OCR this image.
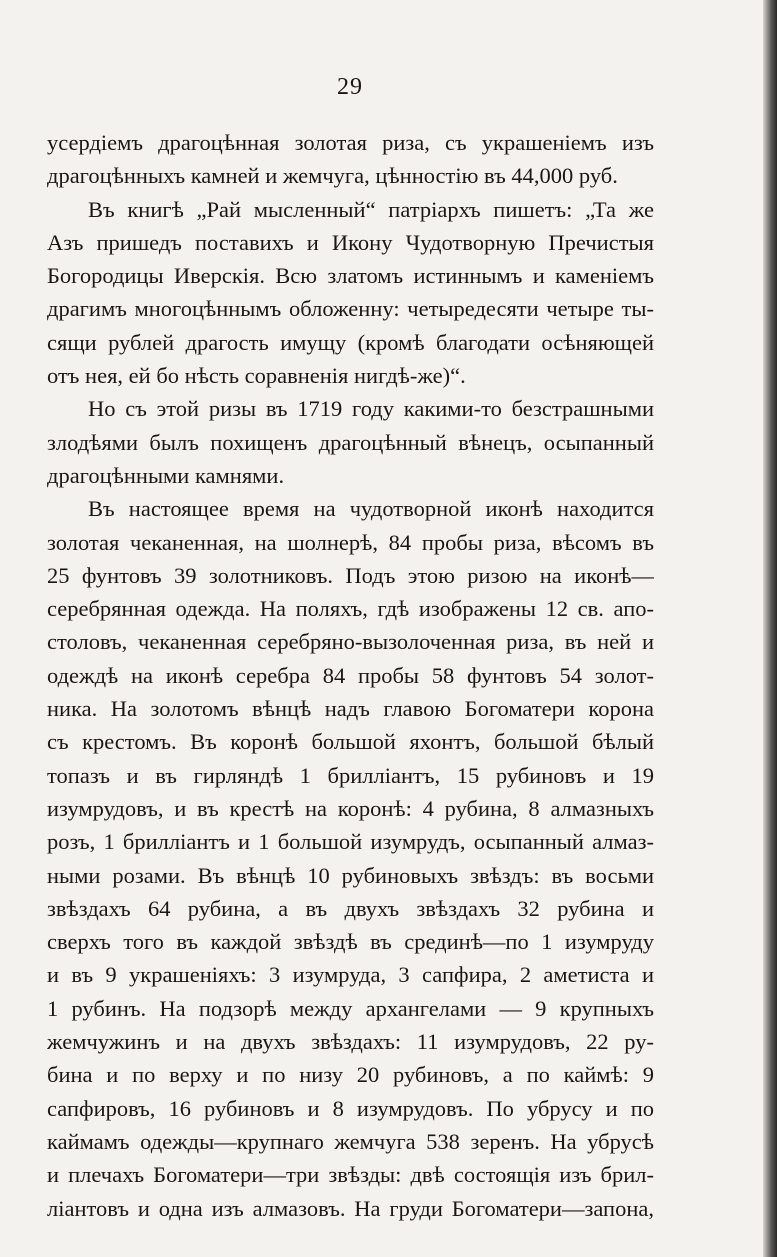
29
усердіемъ драгоцѣнная золотая риза, съ украшеніемъ изъ
драгоцѣнныхъ камней и жемчуга, цѣнностію въ 44,000 руб.
Въ книгѣ „Рай мысленный“ патріархъ пишетъ: „Та же
Азъ пришедъ поставихъ и Икону Чудотворную Пречистыя
Богородицы Иверскія. Всю златомъ истиннымъ и каменіемъ
драгимъ многоцѣннымъ обложенну: четыредесяти четыре ты-
сящи рублей драгость имущу (кромѣ благодати осѣняющей
отъ нея, ей бо нѣсть соравненія нигдѣ-же)“.
Но съ этой ризы въ 1719 году какими-то безстрашными
злодѣями былъ похищенъ драгоцѣнный вѣнецъ, осыпанный
драгоцѣнными камнями.
Въ настоящее время на чудотворной иконѣ находится
золотая чеканенная, на шолнерѣ, 84 пробы риза, вѣсомъ въ
25 фунтовъ 39 золотниковъ. Подъ этою ризою на иконѣ—
серебрянная одежда. На поляхъ, гдѣ изображены 12 св. апо-
столовъ, чеканенная серебряно-вызолоченная риза, въ ней и
одеждѣ на иконѣ серебра 84 пробы 58 фунтовъ 54 золот-
ника. На золотомъ вѣнцѣ надъ главою Богоматери корона
съ крестомъ. Въ коронѣ большой яхонтъ, большой бѣлый
топазъ и въ гирляндѣ 1 бриллiантъ, 15 рубиновъ и 19
изумрудовъ, и въ крестѣ на коронѣ: 4 рубина, 8 алмазныхъ
розъ, 1 бриллiантъ и 1 большой изумрудъ, осыпанный алмаз-
ными розами. Въ вѣнцѣ 10 рубиновыхъ звѣздъ: въ восьми
звѣздахъ 64 рубина, а въ двухъ звѣздахъ 32 рубина и
сверхъ того въ каждой звѣздѣ въ срединѣ—по 1 изумруду
и въ 9 украшеніяхъ: 3 изумруда, 3 сапфира, 2 аметиста и
1 рубинъ. На подзорѣ между архангелами — 9 крупныхъ
жемчужинъ и на двухъ звѣздахъ: 11 изумрудовъ, 22 ру-
бина и по верху и по низу 20 рубиновъ, а по каймѣ: 9
сапфировъ, 16 рубиновъ и 8 изумрудовъ. По убрусу и по
каймамъ одежды—крупнаго жемчуга 538 зеренъ. На убрусѣ
и плечахъ Богоматери—три звѣзды: двѣ состоящія изъ брил-
лiантовъ и одна изъ алмазовъ. На груди Богоматери—запона,
